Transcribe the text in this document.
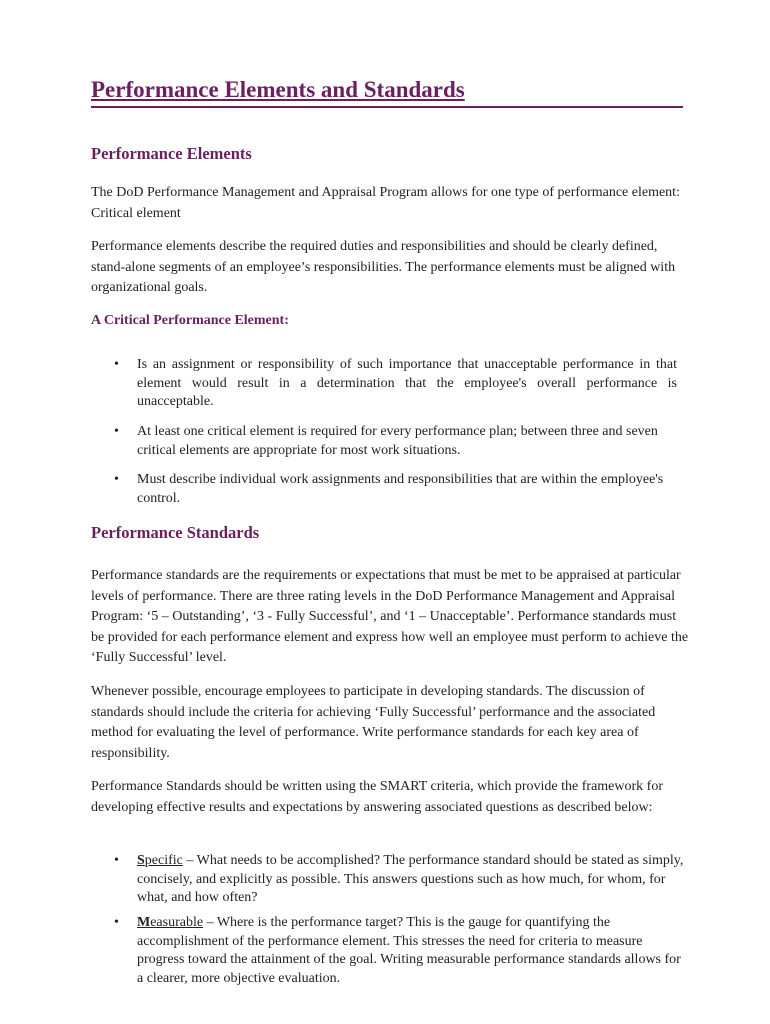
Performance Elements and Standards
Performance Elements

The DoD Performance Management and Appraisal Program allows for one type of performance element: Critical element

Performance elements describe the required duties and responsibilities and should be clearly defined, stand-alone segments of an employee’s responsibilities. The performance elements must be aligned with organizational goals.

A Critical Performance Element:
• Is an assignment or responsibility of such importance that unacceptable performance in that element would result in a determination that the employee's overall performance is unacceptable.
• At least one critical element is required for every performance plan; between three and seven critical elements are appropriate for most work situations.
• Must describe individual work assignments and responsibilities that are within the employee's control.
Performance Standards

Performance standards are the requirements or expectations that must be met to be appraised at particular levels of performance. There are three rating levels in the DoD Performance Management and Appraisal Program: ‘5 – Outstanding’, ‘3 - Fully Successful’, and ‘1 – Unacceptable’. Performance standards must be provided for each performance element and express how well an employee must perform to achieve the ‘Fully Successful’ level.

Whenever possible, encourage employees to participate in developing standards. The discussion of standards should include the criteria for achieving ‘Fully Successful’ performance and the associated method for evaluating the level of performance. Write performance standards for each key area of responsibility.

Performance Standards should be written using the SMART criteria, which provide the framework for developing effective results and expectations by answering associated questions as described below:

• Specific – What needs to be accomplished? The performance standard should be stated as simply, concisely, and explicitly as possible. This answers questions such as how much, for whom, for what, and how often?
• Measurable – Where is the performance target? This is the gauge for quantifying the accomplishment of the performance element. This stresses the need for criteria to measure progress toward the attainment of the goal. Writing measurable performance standards allows for a clearer, more objective evaluation.
